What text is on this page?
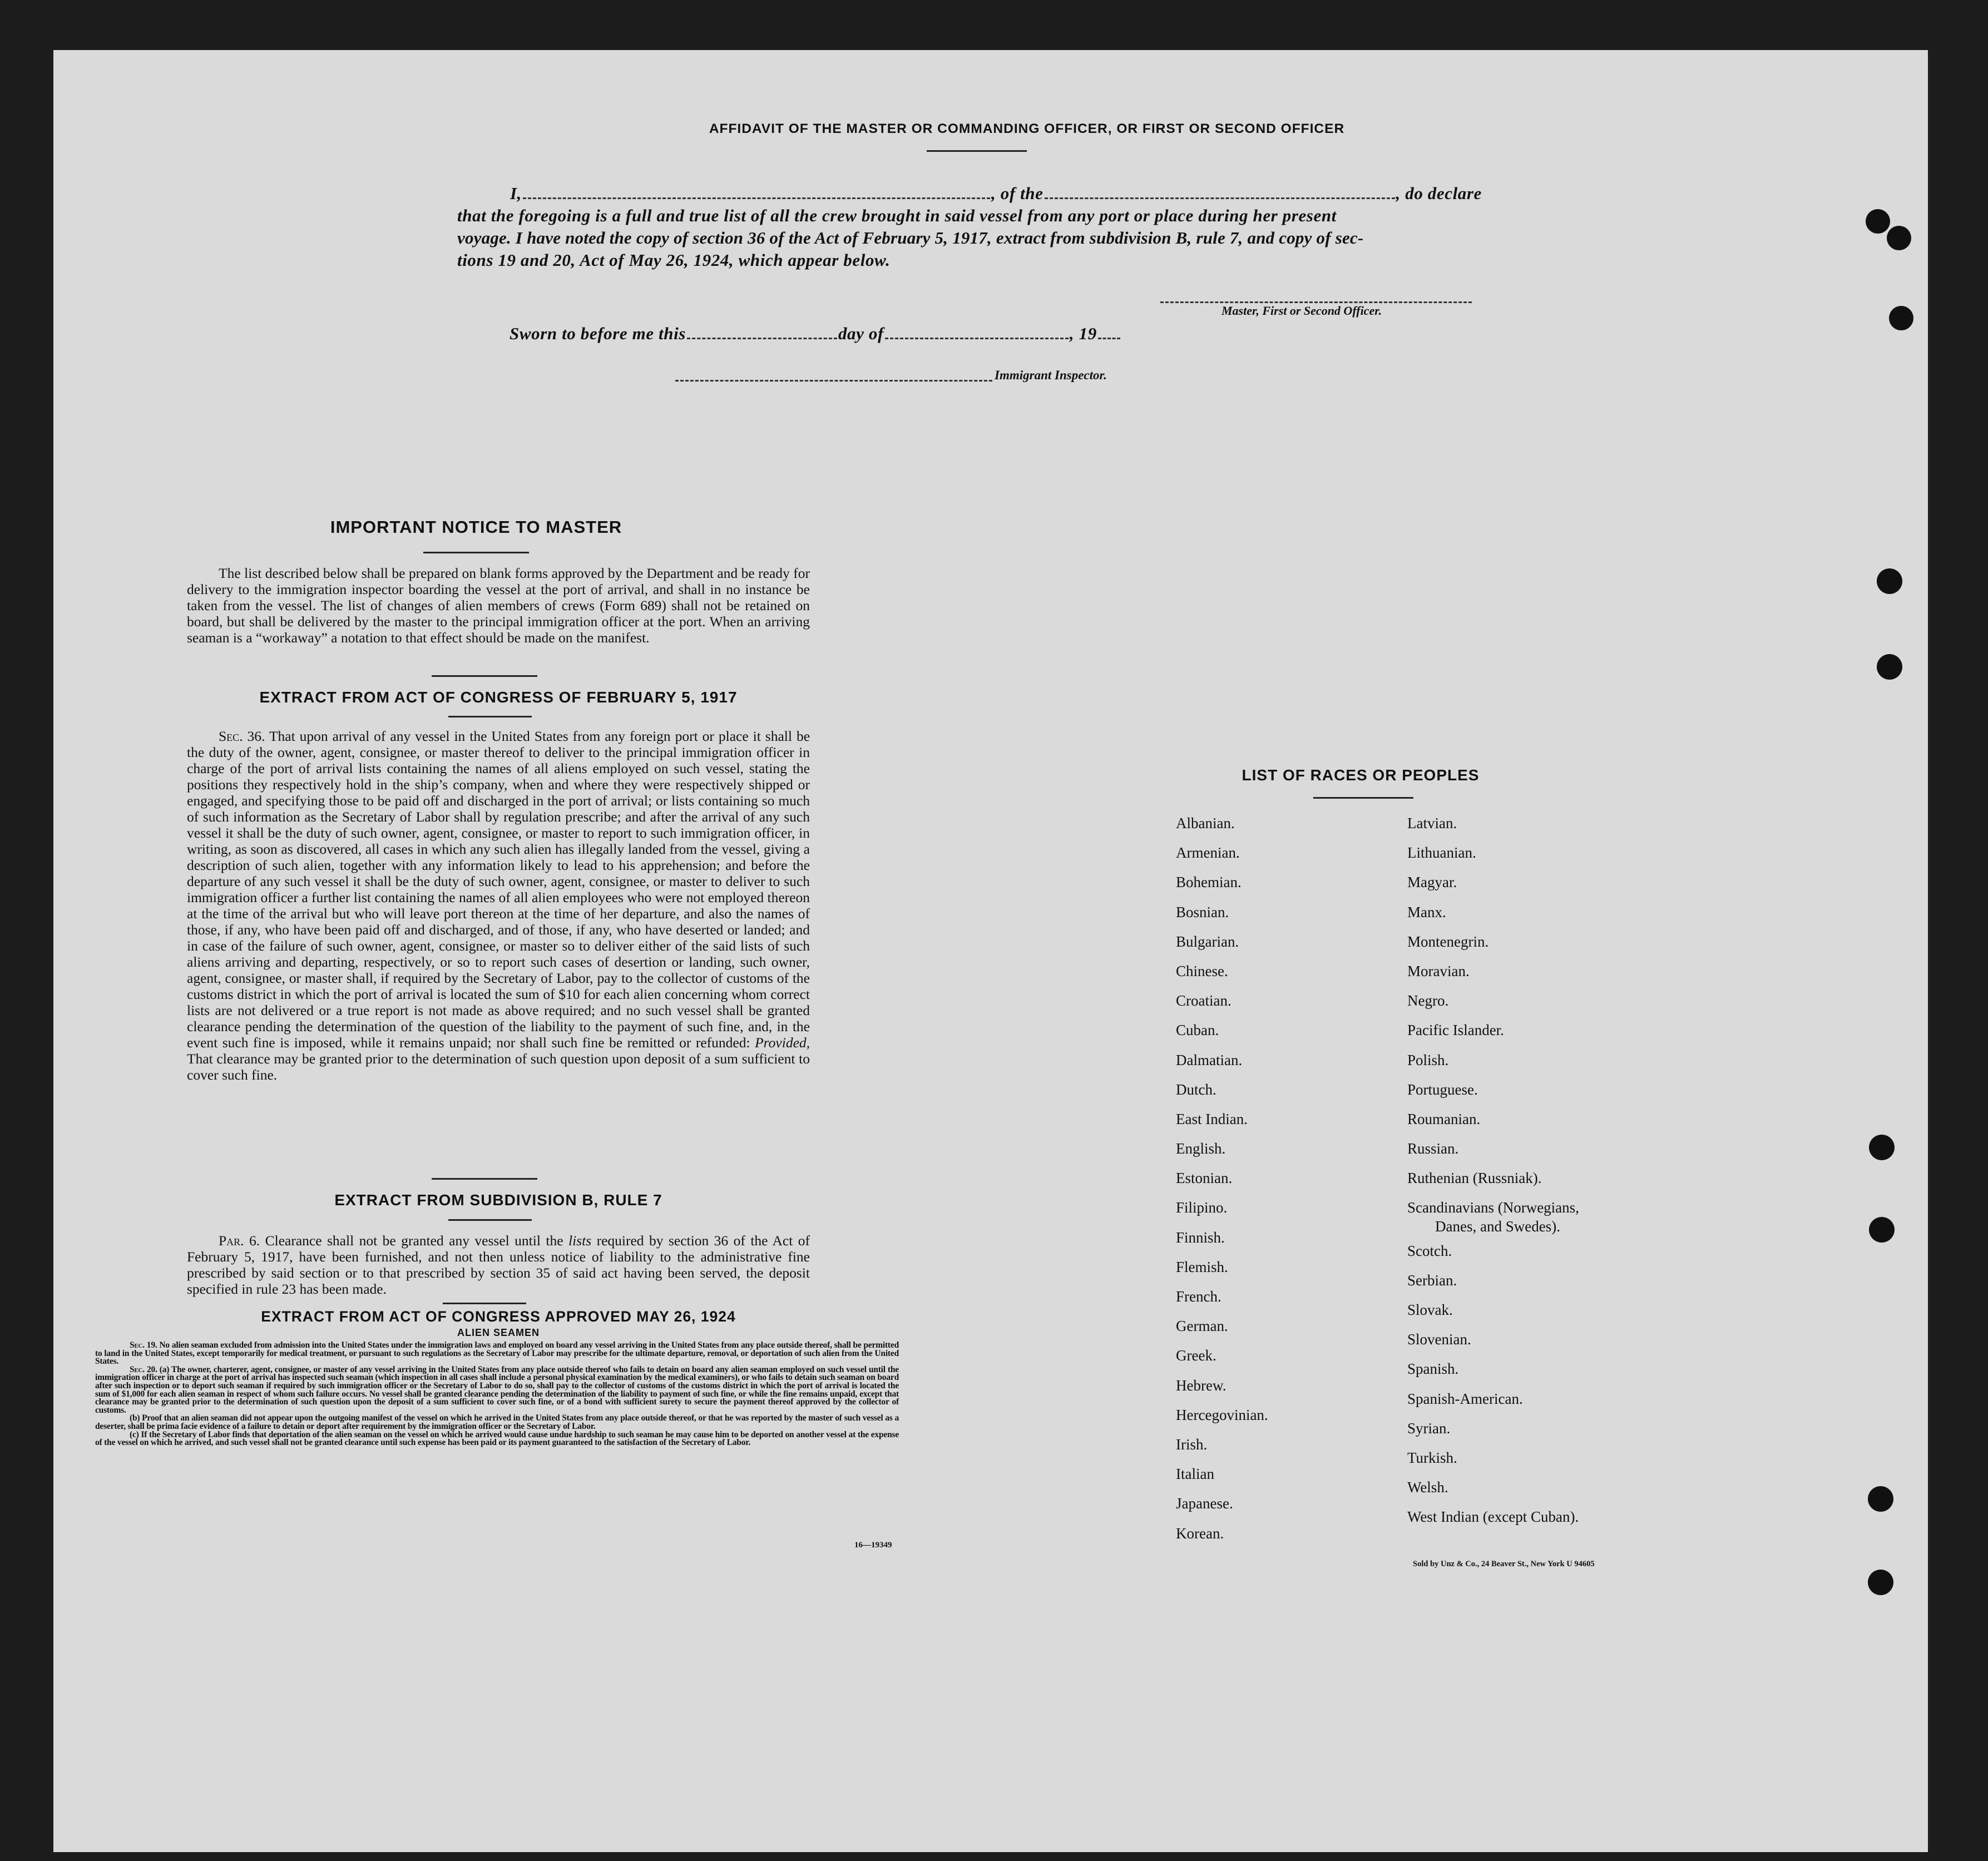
AFFIDAVIT OF THE MASTER OR COMMANDING OFFICER, OR FIRST OR SECOND OFFICER
I,	, of the	, do declare
that the foregoing is a full and true list of all the crew brought in said vessel from any port or place during her present
voyage. I have noted the copy of section 36 of the Act of February 5, 1917, extract from subdivision B, rule 7, and copy of sec-
tions 19 and 20, Act of May 26, 1924, which appear below.
Master, First or Second Officer.
Sworn to before me this	day of	, 19
Immigrant Inspector.
IMPORTANT NOTICE TO MASTER
The list described below shall be prepared on blank forms approved by the Department and be ready for delivery to the immigration inspector boarding the vessel at the port of arrival, and shall in no instance be taken from the vessel. The list of changes of alien members of crews (Form 689) shall not be retained on board, but shall be delivered by the master to the principal immigration officer at the port. When an arriving seaman is a “workaway” a notation to that effect should be made on the manifest.
EXTRACT FROM ACT OF CONGRESS OF FEBRUARY 5, 1917
Sec. 36. That upon arrival of any vessel in the United States from any foreign port or place it shall be the duty of the owner, agent, consignee, or master thereof to deliver to the principal immigration officer in charge of the port of arrival lists containing the names of all aliens employed on such vessel, stating the positions they respectively hold in the ship’s company, when and where they were respectively shipped or engaged, and specifying those to be paid off and discharged in the port of arrival; or lists containing so much of such information as the Secretary of Labor shall by regulation prescribe; and after the arrival of any such vessel it shall be the duty of such owner, agent, consignee, or master to report to such immigration officer, in writing, as soon as discovered, all cases in which any such alien has illegally landed from the vessel, giving a description of such alien, together with any information likely to lead to his apprehension; and before the departure of any such vessel it shall be the duty of such owner, agent, consignee, or master to deliver to such immigration officer a further list containing the names of all alien employees who were not employed thereon at the time of the arrival but who will leave port thereon at the time of her departure, and also the names of those, if any, who have been paid off and discharged, and of those, if any, who have deserted or landed; and in case of the failure of such owner, agent, consignee, or master so to deliver either of the said lists of such aliens arriving and departing, respectively, or so to report such cases of desertion or landing, such owner, agent, consignee, or master shall, if required by the Secretary of Labor, pay to the collector of customs of the customs district in which the port of arrival is located the sum of $10 for each alien concerning whom correct lists are not delivered or a true report is not made as above required; and no such vessel shall be granted clearance pending the determination of the question of the liability to the payment of such fine, and, in the event such fine is imposed, while it remains unpaid; nor shall such fine be remitted or refunded: Provided, That clearance may be granted prior to the determination of such question upon deposit of a sum sufficient to cover such fine.
EXTRACT FROM SUBDIVISION B, RULE 7
Par. 6. Clearance shall not be granted any vessel until the lists required by section 36 of the Act of February 5, 1917, have been furnished, and not then unless notice of liability to the administrative fine prescribed by said section or to that prescribed by section 35 of said act having been served, the deposit specified in rule 23 has been made.
EXTRACT FROM ACT OF CONGRESS APPROVED MAY 26, 1924
ALIEN SEAMEN
Sec. 19. No alien seaman excluded from admission into the United States under the immigration laws and employed on board any vessel arriving in the United States from any place outside thereof, shall be permitted to land in the United States, except temporarily for medical treatment, or pursuant to such regulations as the Secretary of Labor may prescribe for the ultimate departure, removal, or deportation of such alien from the United States.
Sec. 20. (a) The owner, charterer, agent, consignee, or master of any vessel arriving in the United States from any place outside thereof who fails to detain on board any alien seaman employed on such vessel until the immigration officer in charge at the port of arrival has inspected such seaman (which inspection in all cases shall include a personal physical examination by the medical examiners), or who fails to detain such seaman on board after such inspection or to deport such seaman if required by such immigration officer or the Secretary of Labor to do so, shall pay to the collector of customs of the customs district in which the port of arrival is located the sum of $1,000 for each alien seaman in respect of whom such failure occurs. No vessel shall be granted clearance pending the determination of the liability to payment of such fine, or while the fine remains unpaid, except that clearance may be granted prior to the determination of such question upon the deposit of a sum sufficient to cover such fine, or of a bond with sufficient surety to secure the payment thereof approved by the collector of customs.
(b) Proof that an alien seaman did not appear upon the outgoing manifest of the vessel on which he arrived in the United States from any place outside thereof, or that he was reported by the master of such vessel as a deserter, shall be prima facie evidence of a failure to detain or deport after requirement by the immigration officer or the Secretary of Labor.
(c) If the Secretary of Labor finds that deportation of the alien seaman on the vessel on which he arrived would cause undue hardship to such seaman he may cause him to be deported on another vessel at the expense of the vessel on which he arrived, and such vessel shall not be granted clearance until such expense has been paid or its payment guaranteed to the satisfaction of the Secretary of Labor.
16—19349
LIST OF RACES OR PEOPLES
Albanian.
Armenian.
Bohemian.
Bosnian.
Bulgarian.
Chinese.
Croatian.
Cuban.
Dalmatian.
Dutch.
East Indian.
English.
Estonian.
Filipino.
Finnish.
Flemish.
French.
German.
Greek.
Hebrew.
Hercegovinian.
Irish.
Italian
Japanese.
Korean.
Latvian.
Lithuanian.
Magyar.
Manx.
Montenegrin.
Moravian.
Negro.
Pacific Islander.
Polish.
Portuguese.
Roumanian.
Russian.
Ruthenian (Russniak).
Scandinavians (Norwegians,
Danes, and Swedes).
Scotch.
Serbian.
Slovak.
Slovenian.
Spanish.
Spanish-American.
Syrian.
Turkish.
Welsh.
West Indian (except Cuban).
Sold by Unz & Co., 24 Beaver St., New York U 94605
